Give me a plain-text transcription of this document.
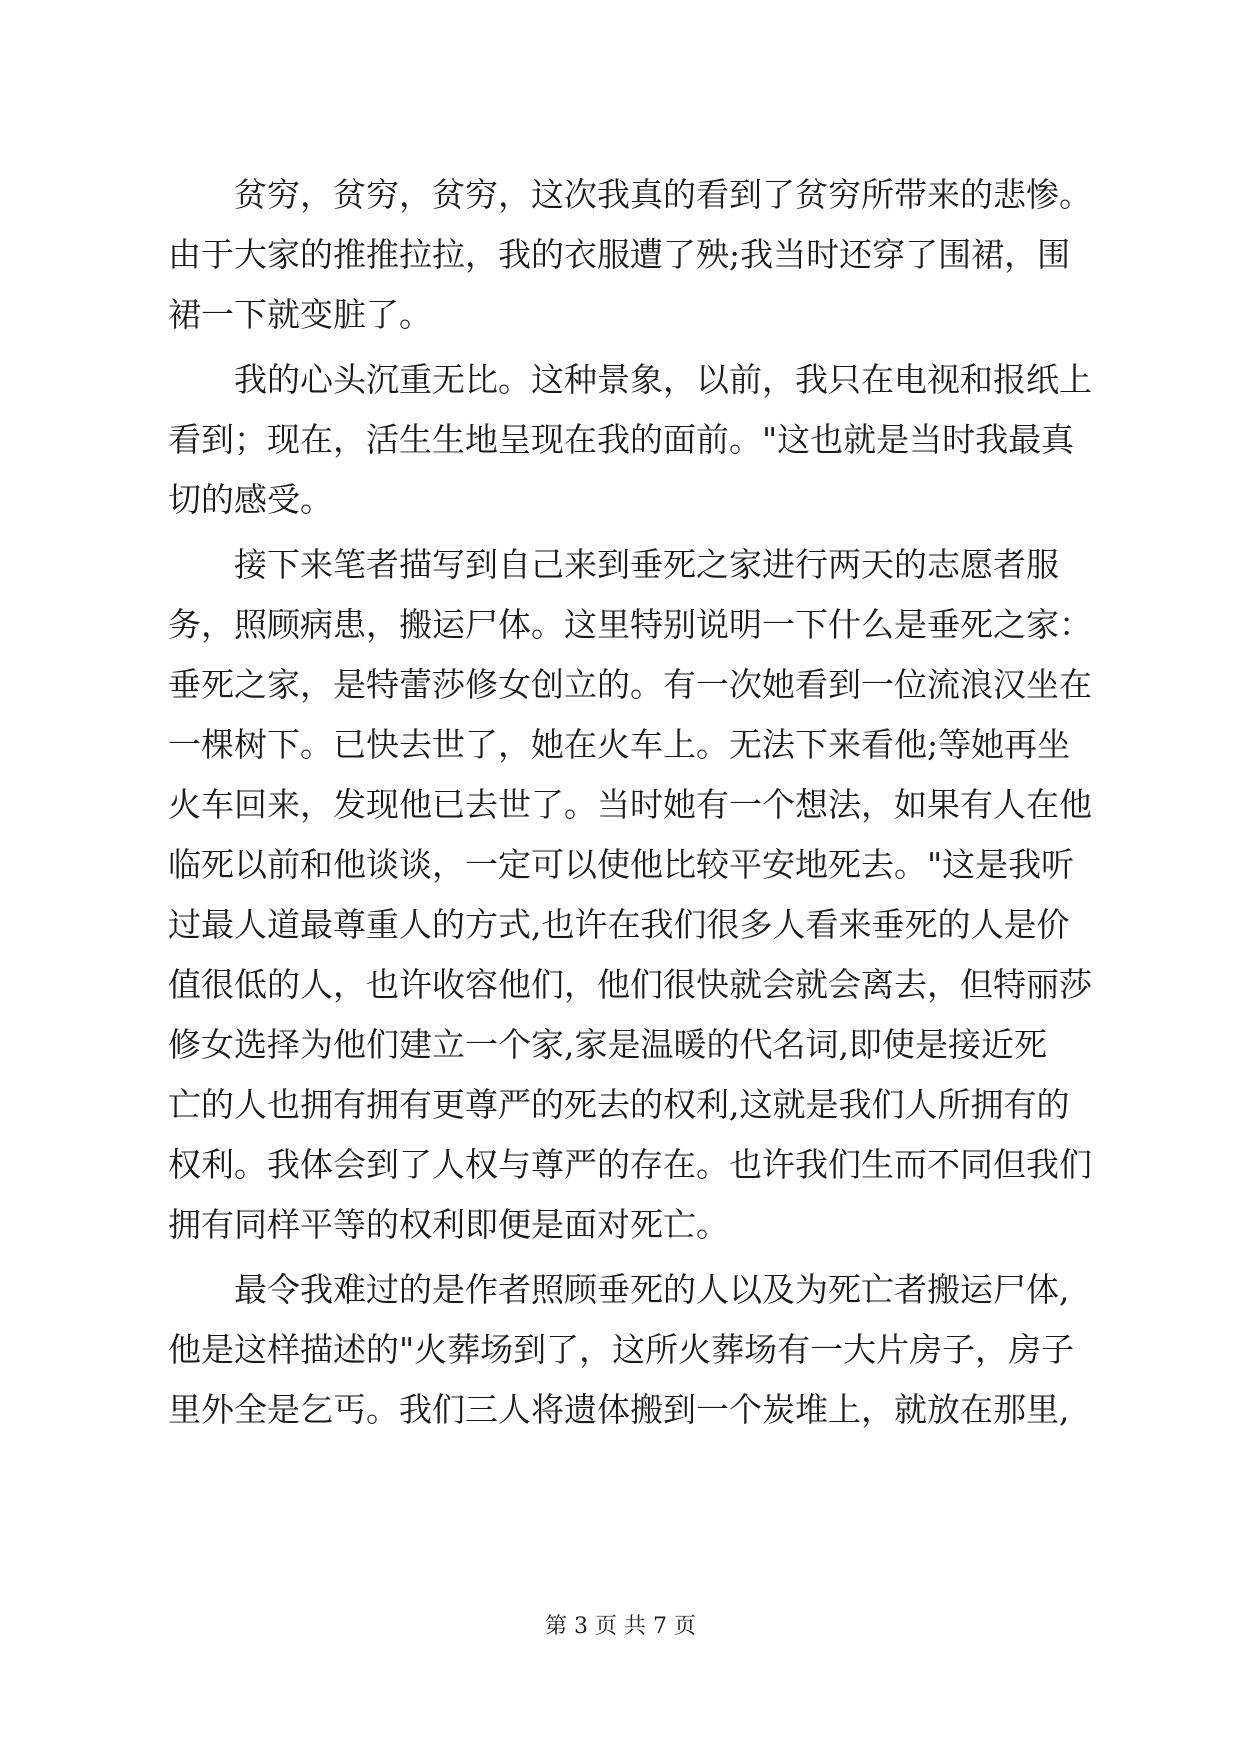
贫穷，贫穷，贫穷，这次我真的看到了贫穷所带来的悲惨。
由于大家的推推拉拉，我的衣服遭了殃;我当时还穿了围裙，围
裙一下就变脏了。
我的心头沉重无比。这种景象，以前，我只在电视和报纸上
看到；现在，活生生地呈现在我的面前。"这也就是当时我最真
切的感受。
接下来笔者描写到自己来到垂死之家进行两天的志愿者服
务，照顾病患，搬运尸体。这里特别说明一下什么是垂死之家：
垂死之家，是特蕾莎修女创立的。有一次她看到一位流浪汉坐在
一棵树下。已快去世了，她在火车上。无法下来看他;等她再坐
火车回来，发现他已去世了。当时她有一个想法，如果有人在他
临死以前和他谈谈，一定可以使他比较平安地死去。"这是我听
过最人道最尊重人的方式,也许在我们很多人看来垂死的人是价
值很低的人，也许收容他们，他们很快就会就会离去，但特丽莎
修女选择为他们建立一个家,家是温暖的代名词,即使是接近死
亡的人也拥有拥有更尊严的死去的权利,这就是我们人所拥有的
权利。我体会到了人权与尊严的存在。也许我们生而不同但我们
拥有同样平等的权利即便是面对死亡。
最令我难过的是作者照顾垂死的人以及为死亡者搬运尸体,
他是这样描述的"火葬场到了，这所火葬场有一大片房子，房子
里外全是乞丐。我们三人将遗体搬到一个炭堆上，就放在那里,
第 3 页 共 7 页
